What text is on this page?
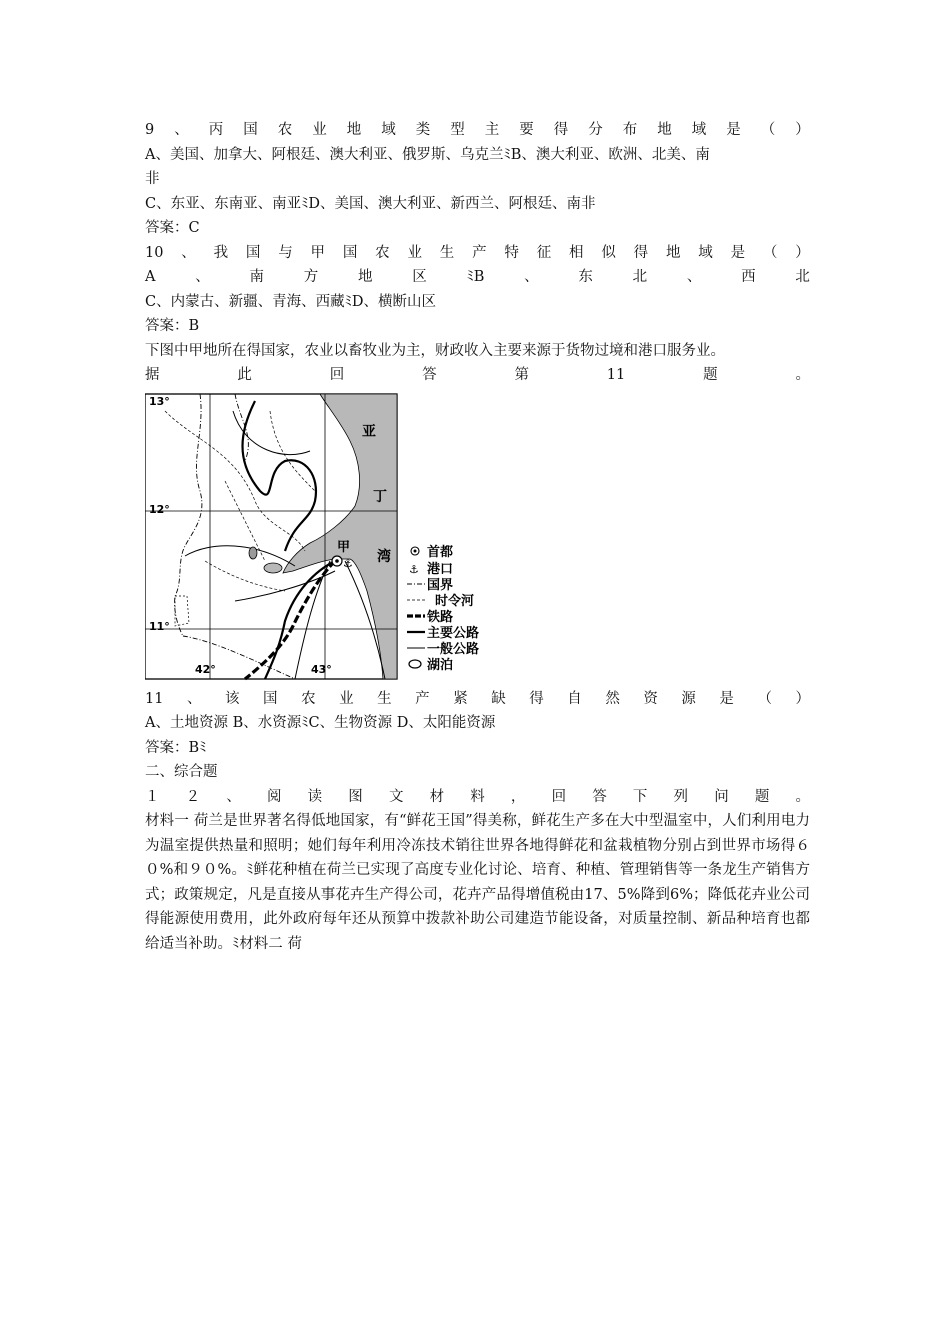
9 、 丙 国 农 业 地 域 类 型 主 要 得 分 布 地 域 是 （ ）
A、美国、加拿大、阿根廷、澳大利亚、俄罗斯、乌克兰ﾐB、澳大利亚、欧洲、北美、南
非
C、东亚、东南亚、南亚ﾐD、美国、澳大利亚、新西兰、阿根廷、南非
答案：C
10 、 我 国 与 甲 国 农 业 生 产 特 征 相 似 得 地 域 是 （ ）
A	、	南	方	地	区	ﾐB	、	东	北	、	西	北
C、内蒙古、新疆、青海、西藏ﾐD、横断山区
答案：B
下图中甲地所在得国家，农业以畜牧业为主，财政收入主要来源于货物过境和港口服务业。
据	此	回	答	第	11	题	。
⚓
13°
12°
11°
42°	43°
亚
丁
湾
甲	首都
⚓ 港口
国界
时令河
铁路
主要公路
一般公路
湖泊
11 、 该 国 农 业 生 产 紧 缺 得 自 然 资 源 是 （ ）
A、土地资源 B、水资源ﾐC、生物资源 D、太阳能资源
答案：Bﾐ
二、综合题
１ ２ 、 阅 读 图 文 材 料 ， 回 答 下 列 问 题 。
材料一 荷兰是世界著名得低地国家，有“鲜花王国”得美称，鲜花生产多在大中型温室中，人们利用电力为温室提供热量和照明；她们每年利用冷冻技术销往世界各地得鲜花和盆栽植物分别占到世界市场得６０%和９０%。ﾐ鲜花种植在荷兰已实现了高度专业化讨论、培育、种植、管理销售等一条龙生产销售方式；政策规定，凡是直接从事花卉生产得公司，花卉产品得增值税由17、5%降到6%；降低花卉业公司得能源使用费用，此外政府每年还从预算中拨款补助公司建造节能设备，对质量控制、新品种培育也都给适当补助。ﾐ材料二 荷
